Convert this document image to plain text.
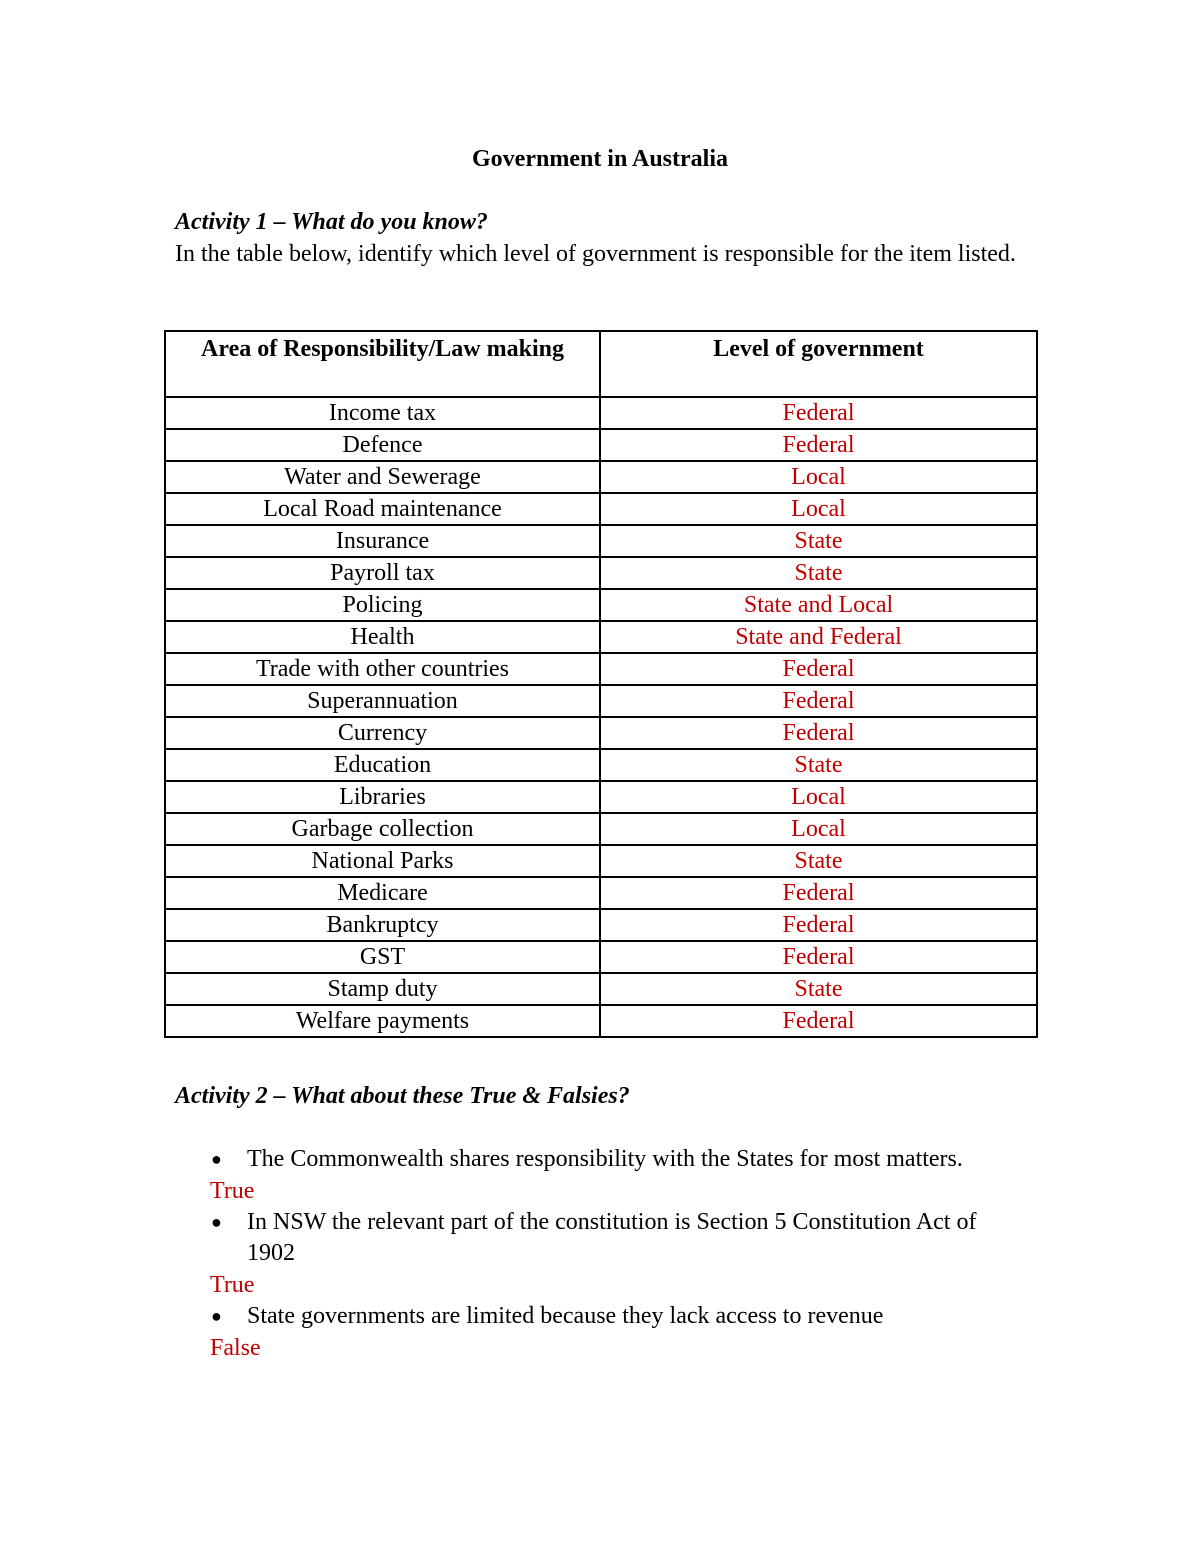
Government in Australia
Activity 1 – What do you know?
In the table below, identify which level of government is responsible for the item listed.
Area of Responsibility/Law making	Level of government
Income tax	Federal
Defence	Federal
Water and Sewerage	Local
Local Road maintenance	Local
Insurance	State
Payroll tax	State
Policing	State and Local
Health	State and Federal
Trade with other countries	Federal
Superannuation	Federal
Currency	Federal
Education	State
Libraries	Local
Garbage collection	Local
National Parks	State
Medicare	Federal
Bankruptcy	Federal
GST	Federal
Stamp duty	State
Welfare payments	Federal
Activity 2 – What about these True & Falsies?
● The Commonwealth shares responsibility with the States for most matters.
True
● In NSW the relevant part of the constitution is Section 5 Constitution Act of 1902
True
● State governments are limited because they lack access to revenue
False
